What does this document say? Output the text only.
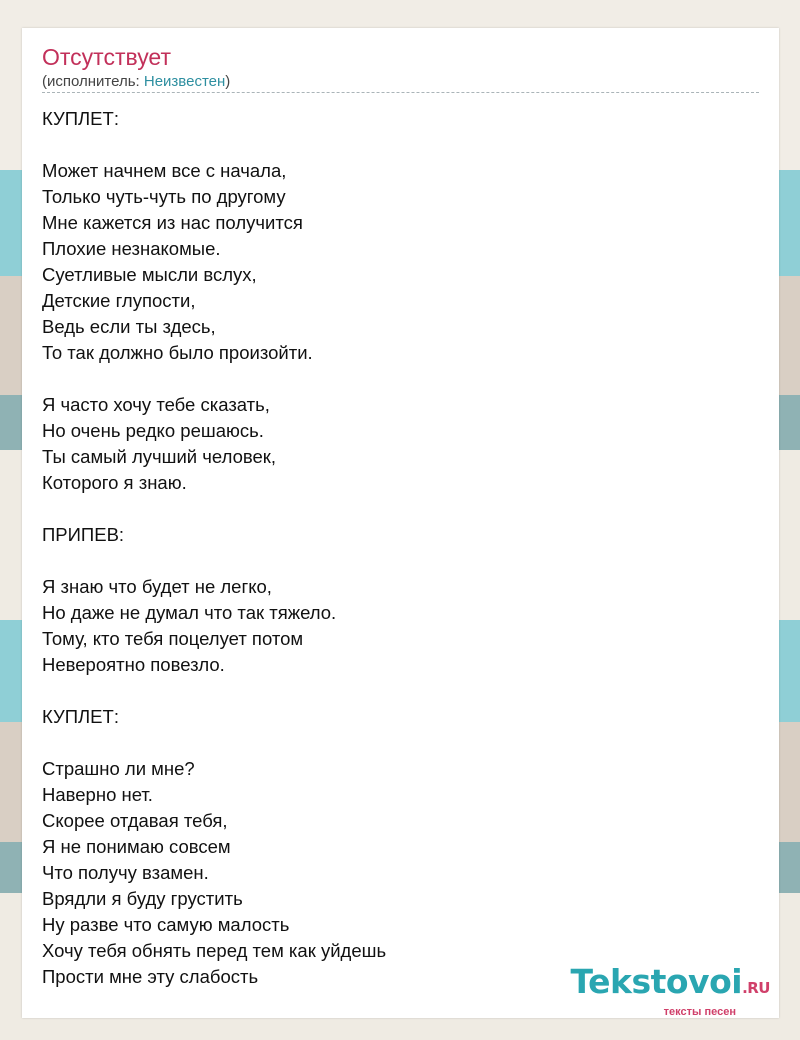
Отсутствует
(исполнитель: Неизвестен)
КУПЛЕТ:

Может начнем все с начала,
Только чуть-чуть по другому
Мне кажется из нас получится
Плохие незнакомые.
Суетливые мысли вслух,
Детские глупости,
Ведь если ты здесь,
То так должно было произойти.

Я часто хочу тебе сказать,
Но очень редко решаюсь.
Ты самый лучший человек,
Которого я знаю.

ПРИПЕВ:

Я знаю что будет не легко,
Но даже не думал что так тяжело.
Тому, кто тебя поцелует потом
Невероятно повезло.

КУПЛЕТ:

Страшно ли мне?
Наверно нет.
Скорее отдавая тебя,
Я не понимаю совсем
Что получу взамен.
Врядли я буду грустить
Ну разве что самую малость
Хочу тебя обнять перед тем как уйдешь
Прости мне эту слабость	Tekstovoi.RU
тексты песен
